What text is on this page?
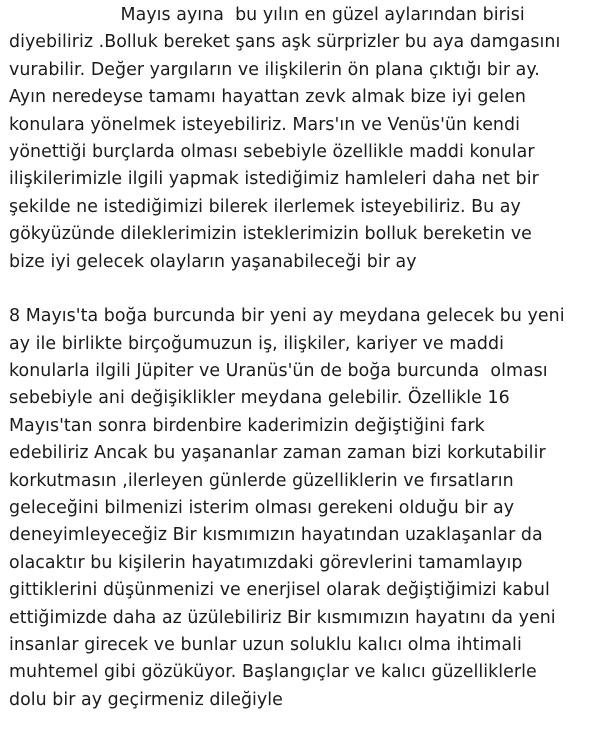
Mayıs ayına  bu yılın en güzel aylarından birisi
diyebiliriz .Bolluk bereket şans aşk sürprizler bu aya damgasını
vurabilir. Değer yargıların ve ilişkilerin ön plana çıktığı bir ay.
Ayın neredeyse tamamı hayattan zevk almak bize iyi gelen
konulara yönelmek isteyebiliriz. Mars'ın ve Venüs'ün kendi
yönettiği burçlarda olması sebebiyle özellikle maddi konular
ilişkilerimizle ilgili yapmak istediğimiz hamleleri daha net bir
şekilde ne istediğimizi bilerek ilerlemek isteyebiliriz. Bu ay
gökyüzünde dileklerimizin isteklerimizin bolluk bereketin ve
bize iyi gelecek olayların yaşanabileceği bir ay
8 Mayıs'ta boğa burcunda bir yeni ay meydana gelecek bu yeni
ay ile birlikte birçoğumuzun iş, ilişkiler, kariyer ve maddi
konularla ilgili Jüpiter ve Uranüs'ün de boğa burcunda  olması
sebebiyle ani değişiklikler meydana gelebilir. Özellikle 16
Mayıs'tan sonra birdenbire kaderimizin değiştiğini fark
edebiliriz Ancak bu yaşananlar zaman zaman bizi korkutabilir
korkutmasın ,ilerleyen günlerde güzelliklerin ve fırsatların
geleceğini bilmenizi isterim olması gerekeni olduğu bir ay
deneyimleyeceğiz Bir kısmımızın hayatından uzaklaşanlar da
olacaktır bu kişilerin hayatımızdaki görevlerini tamamlayıp
gittiklerini düşünmenizi ve enerjisel olarak değiştiğimizi kabul
ettiğimizde daha az üzülebiliriz Bir kısmımızın hayatını da yeni
insanlar girecek ve bunlar uzun soluklu kalıcı olma ihtimali
muhtemel gibi gözüküyor. Başlangıçlar ve kalıcı güzelliklerle
dolu bir ay geçirmeniz dileğiyle
